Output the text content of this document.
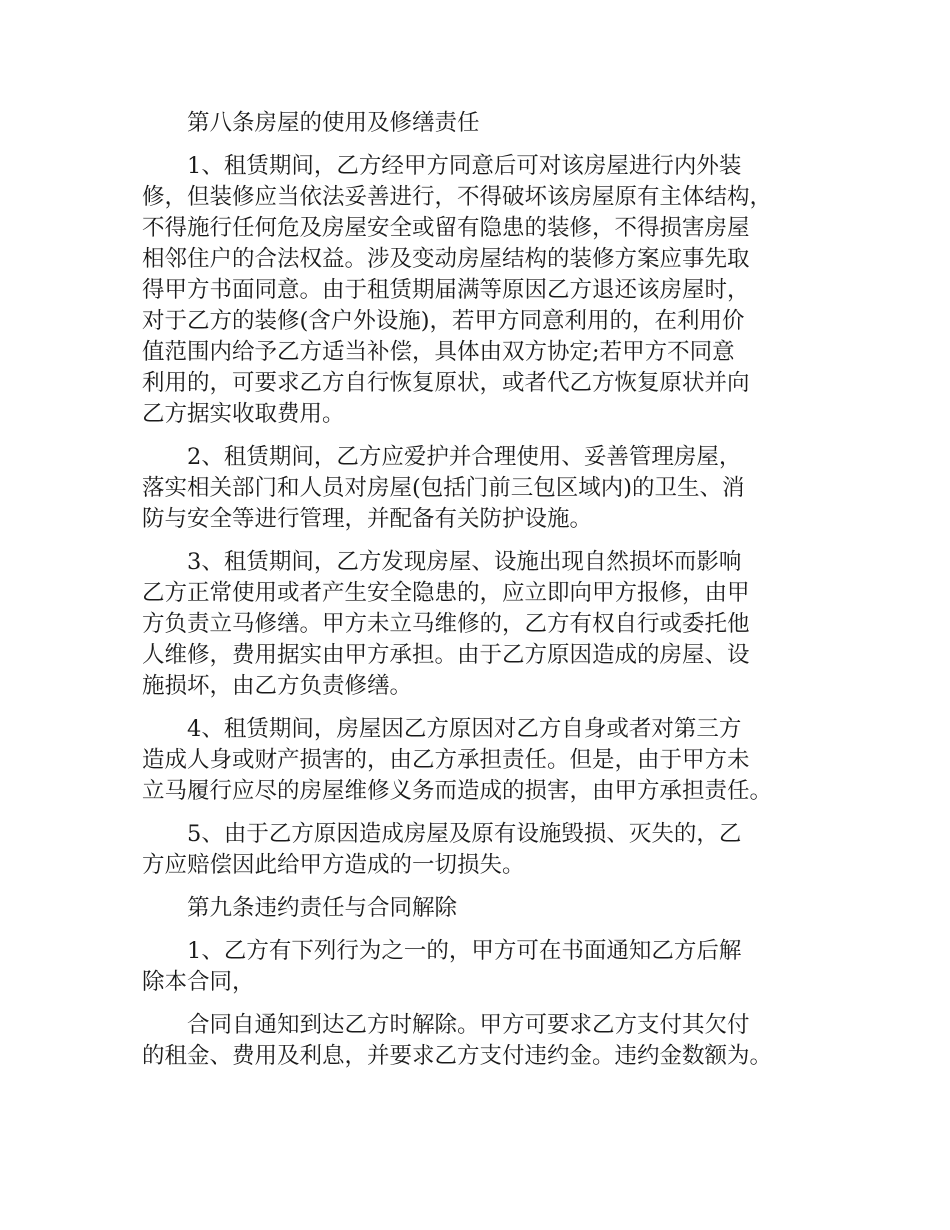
第八条房屋的使用及修缮责任

1、租赁期间，乙方经甲方同意后可对该房屋进行内外装
修，但装修应当依法妥善进行，不得破坏该房屋原有主体结构，
不得施行任何危及房屋安全或留有隐患的装修，不得损害房屋
相邻住户的合法权益。涉及变动房屋结构的装修方案应事先取
得甲方书面同意。由于租赁期届满等原因乙方退还该房屋时，
对于乙方的装修(含户外设施)，若甲方同意利用的，在利用价
值范围内给予乙方适当补偿，具体由双方协定;若甲方不同意
利用的，可要求乙方自行恢复原状，或者代乙方恢复原状并向
乙方据实收取费用。

2、租赁期间，乙方应爱护并合理使用、妥善管理房屋，
落实相关部门和人员对房屋(包括门前三包区域内)的卫生、消
防与安全等进行管理，并配备有关防护设施。

3、租赁期间，乙方发现房屋、设施出现自然损坏而影响
乙方正常使用或者产生安全隐患的，应立即向甲方报修，由甲
方负责立马修缮。甲方未立马维修的，乙方有权自行或委托他
人维修，费用据实由甲方承担。由于乙方原因造成的房屋、设
施损坏，由乙方负责修缮。

4、租赁期间，房屋因乙方原因对乙方自身或者对第三方
造成人身或财产损害的，由乙方承担责任。但是，由于甲方未
立马履行应尽的房屋维修义务而造成的损害，由甲方承担责任。

5、由于乙方原因造成房屋及原有设施毁损、灭失的，乙
方应赔偿因此给甲方造成的一切损失。

第九条违约责任与合同解除

1、乙方有下列行为之一的，甲方可在书面通知乙方后解
除本合同，

合同自通知到达乙方时解除。甲方可要求乙方支付其欠付
的租金、费用及利息，并要求乙方支付违约金。违约金数额为。
